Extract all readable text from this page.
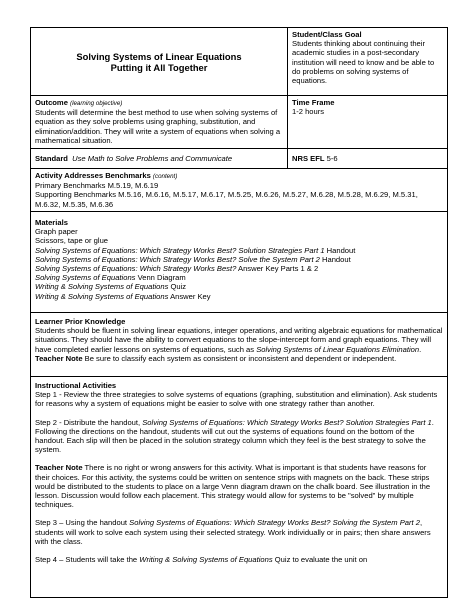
Solving Systems of Linear Equations

Putting it All Together

Student/Class Goal

Students thinking about continuing their academic studies in a post-secondary institution will need to know and be able to do problems on solving systems of equations.

Outcome (learning objective)

Students will determine the best method to use when solving systems of equation as they solve problems using graphing, substitution, and elimination/addition. They will write a system of equations when solving a mathematical situation.

Time Frame

1-2 hours

Standard Use Math to Solve Problems and Communicate	NRS EFL 5-6

Activity Addresses Benchmarks (content)

Primary Benchmarks M.5.19, M.6.19

Supporting Benchmarks M.5.16, M.6.16, M.5.17, M.6.17, M.5.25, M.6.26, M.5.27, M.6.28, M.5.28, M.6.29, M.5.31, M.6.32, M.5.35, M.6.36

Materials

Graph paper

Scissors, tape or glue

Solving Systems of Equations: Which Strategy Works Best? Solution Strategies Part 1 Handout

Solving Systems of Equations: Which Strategy Works Best? Solve the System Part 2 Handout

Solving Systems of Equations: Which Strategy Works Best? Answer Key Parts 1 & 2

Solving Systems of Equations Venn Diagram

Writing & Solving Systems of Equations Quiz

Writing & Solving Systems of Equations Answer Key

Learner Prior Knowledge

Students should be fluent in solving linear equations, integer operations, and writing algebraic equations for mathematical situations. They should have the ability to convert equations to the slope-intercept form and graph equations. They will have completed earlier lessons on systems of equations, such as Solving Systems of Linear Equations Elimination. Teacher Note Be sure to classify each system as consistent or inconsistent and dependent or independent.

Instructional Activities

Step 1 - Review the three strategies to solve systems of equations (graphing, substitution and elimination). Ask students for reasons why a system of equations might be easier to solve with one strategy rather than another.

Step 2 - Distribute the handout, Solving Systems of Equations: Which Strategy Works Best? Solution Strategies Part 1. Following the directions on the handout, students will cut out the systems of equations found on the bottom of the handout. Each slip will then be placed in the solution strategy column which they feel is the best strategy to solve the system.

Teacher Note There is no right or wrong answers for this activity. What is important is that students have reasons for their choices. For this activity, the systems could be written on sentence strips with magnets on the back. These strips would be distributed to the students to place on a large Venn diagram drawn on the chalk board. See illustration in the lesson. Discussion would follow each placement. This strategy would allow for systems to be "solved" by multiple techniques.

Step 3 – Using the handout Solving Systems of Equations: Which Strategy Works Best? Solving the System Part 2, students will work to solve each system using their selected strategy. Work individually or in pairs; then share answers with the class.

Step 4 – Students will take the Writing & Solving Systems of Equations Quiz to evaluate the unit on
